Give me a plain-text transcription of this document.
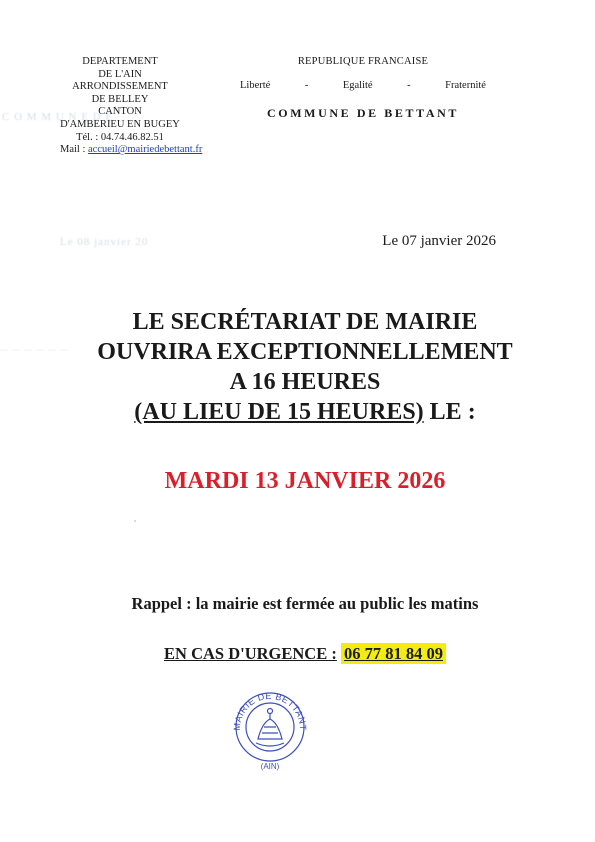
C O M M U N E D E
Le 08 janvier 20
— — — — — —
DEPARTEMENT
DE L'AIN
ARRONDISSEMENT
DE BELLEY
CANTON
D'AMBERIEU EN BUGEY
Tél. : 04.74.46.82.51
Mail : accueil@mairiedebettant.fr
REPUBLIQUE FRANCAISE
Liberté	-	Egalité	-	Fraternité
COMMUNE DE BETTANT
Le 07 janvier 2026
LE SECRÉTARIAT DE MAIRIE
OUVRIRA EXCEPTIONNELLEMENT
A 16 HEURES
(AU LIEU DE 15 HEURES) LE :
MARDI 13 JANVIER 2026
Rappel : la mairie est fermée au public les matins
EN CAS D'URGENCE : 06 77 81 84 09
MAIRIE DE BETTANT
(AIN)
